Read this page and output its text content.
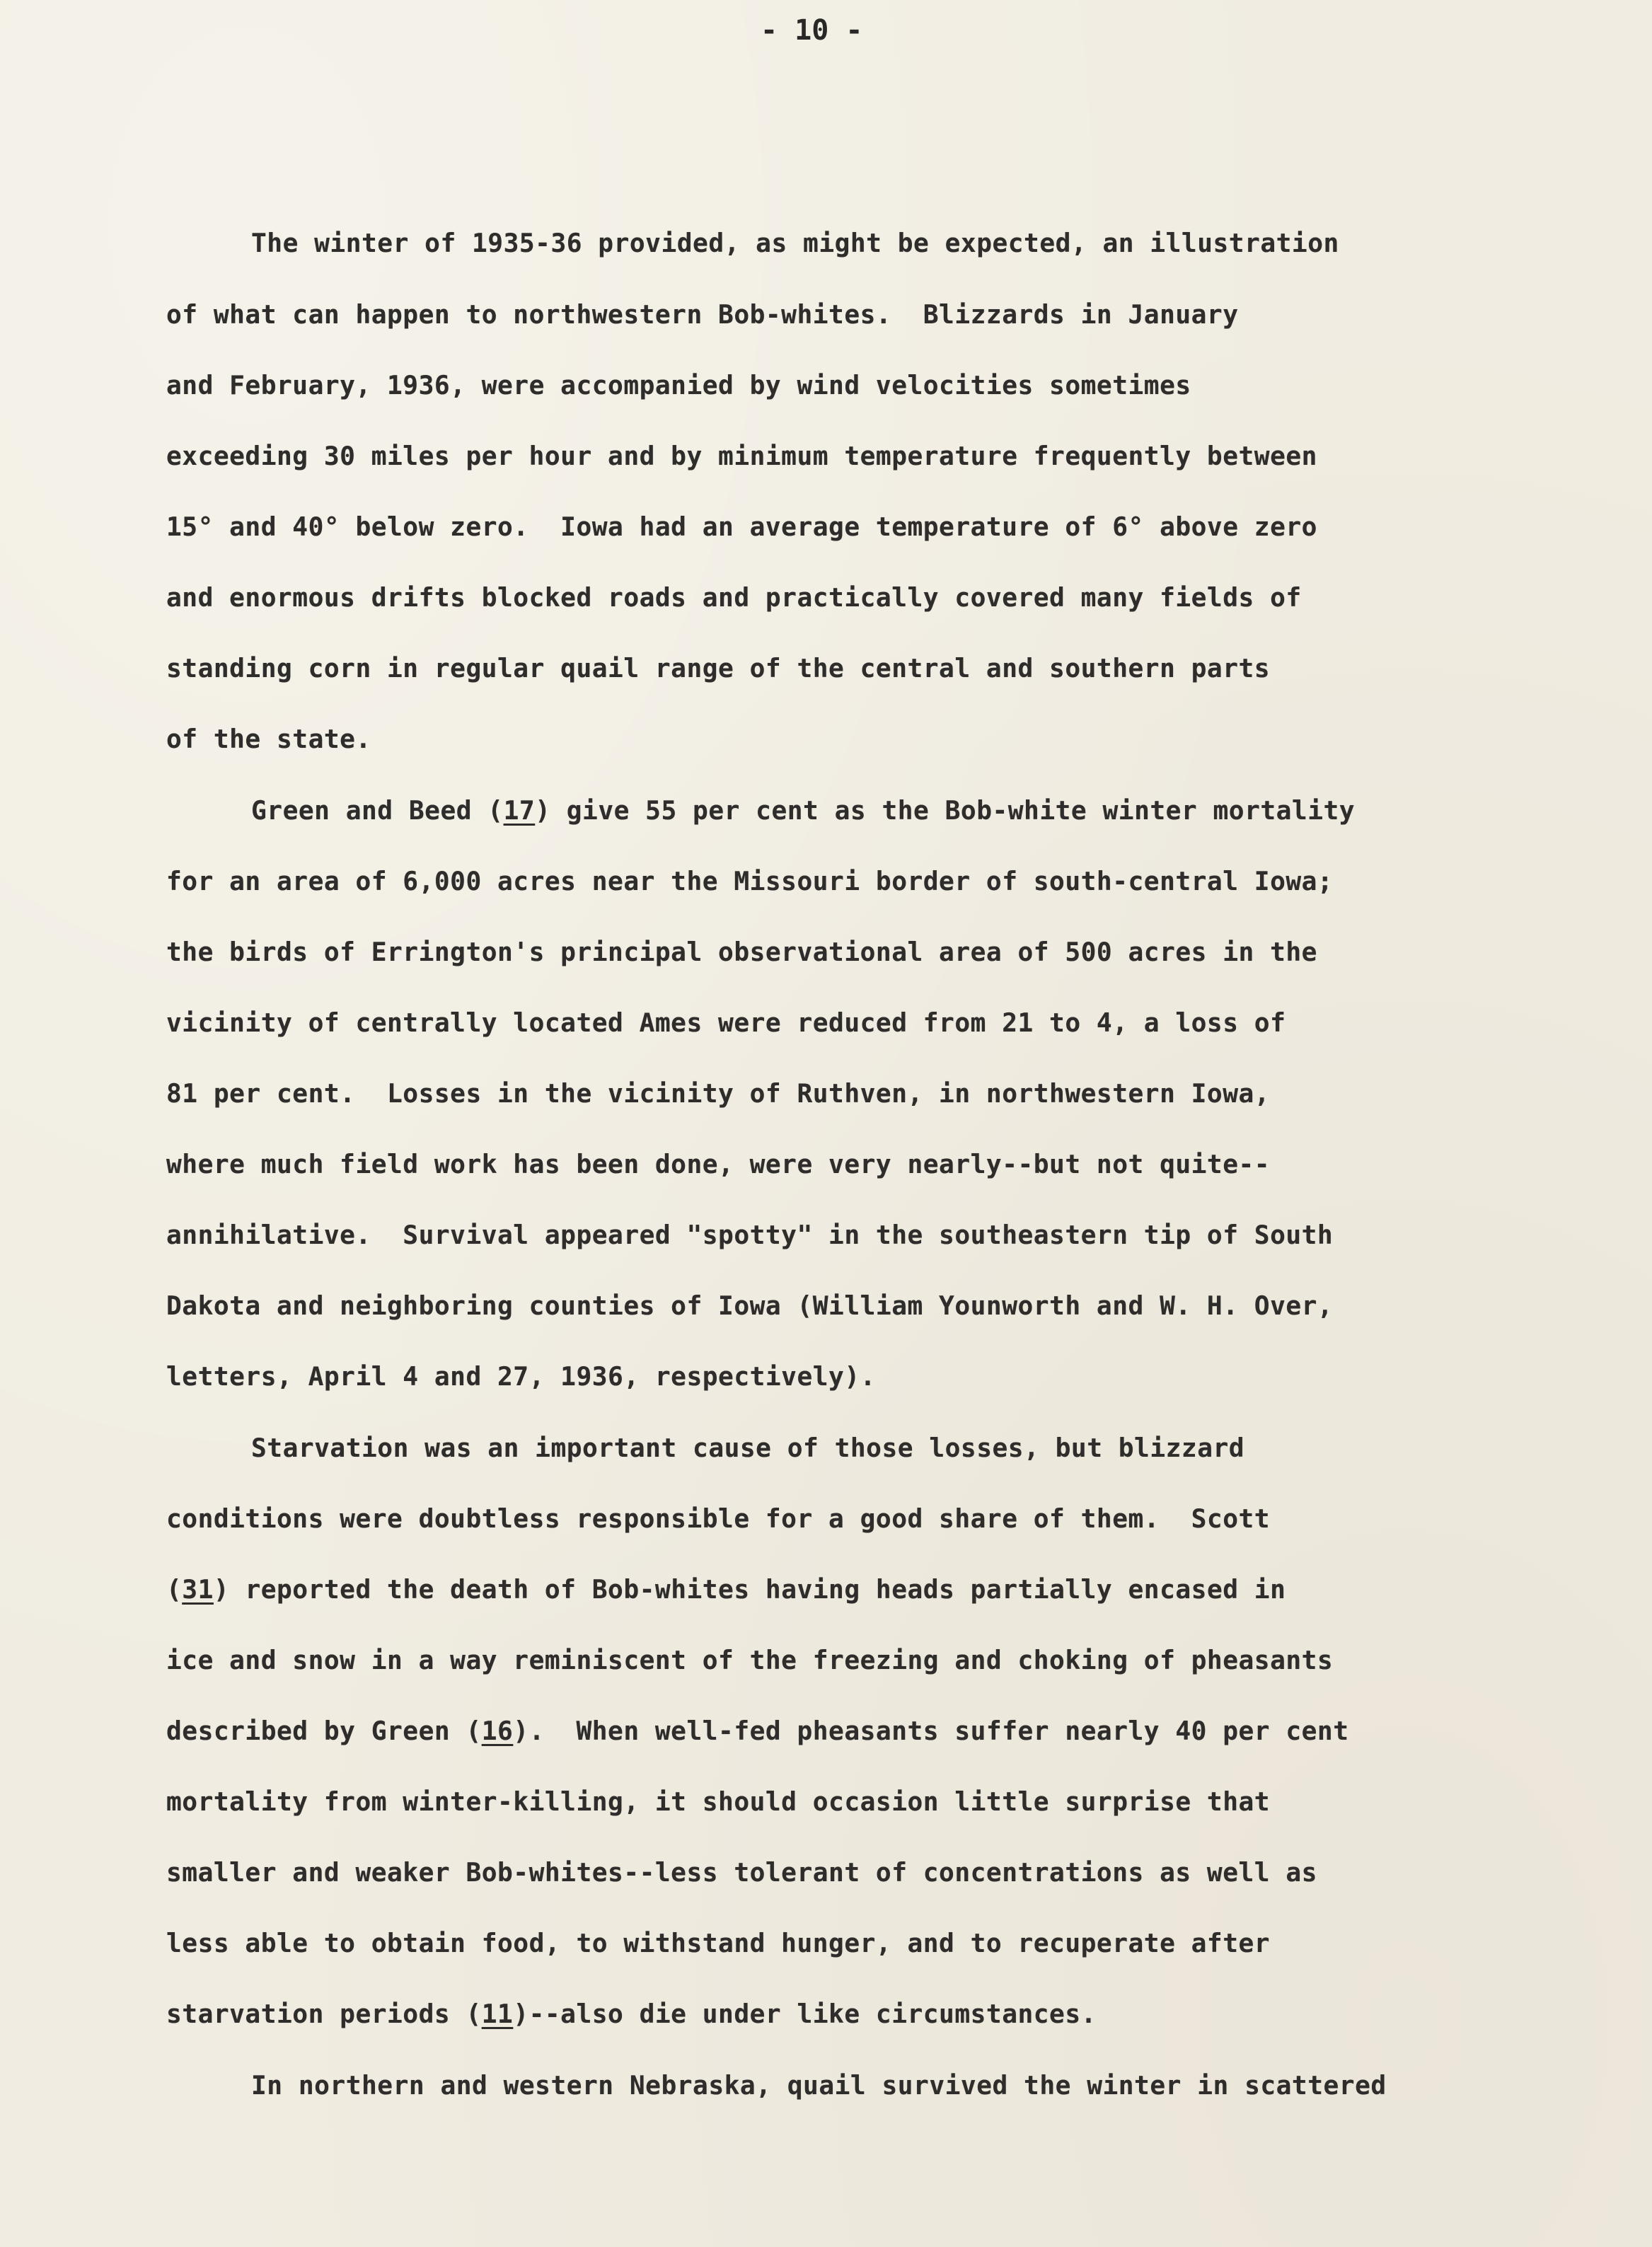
- 10 -
The winter of 1935-36 provided, as might be expected, an illustration
of what can happen to northwestern Bob-whites.  Blizzards in January
and February, 1936, were accompanied by wind velocities sometimes
exceeding 30 miles per hour and by minimum temperature frequently between
15° and 40° below zero.  Iowa had an average temperature of 6° above zero
and enormous drifts blocked roads and practically covered many fields of
standing corn in regular quail range of the central and southern parts
of the state.
Green and Beed (17) give 55 per cent as the Bob-white winter mortality
for an area of 6,000 acres near the Missouri border of south-central Iowa;
the birds of Errington's principal observational area of 500 acres in the
vicinity of centrally located Ames were reduced from 21 to 4, a loss of
81 per cent.  Losses in the vicinity of Ruthven, in northwestern Iowa,
where much field work has been done, were very nearly--but not quite--
annihilative.  Survival appeared "spotty" in the southeastern tip of South
Dakota and neighboring counties of Iowa (William Younworth and W. H. Over,
letters, April 4 and 27, 1936, respectively).
Starvation was an important cause of those losses, but blizzard
conditions were doubtless responsible for a good share of them.  Scott
(31) reported the death of Bob-whites having heads partially encased in
ice and snow in a way reminiscent of the freezing and choking of pheasants
described by Green (16).  When well-fed pheasants suffer nearly 40 per cent
mortality from winter-killing, it should occasion little surprise that
smaller and weaker Bob-whites--less tolerant of concentrations as well as
less able to obtain food, to withstand hunger, and to recuperate after
starvation periods (11)--also die under like circumstances.
In northern and western Nebraska, quail survived the winter in scattered
